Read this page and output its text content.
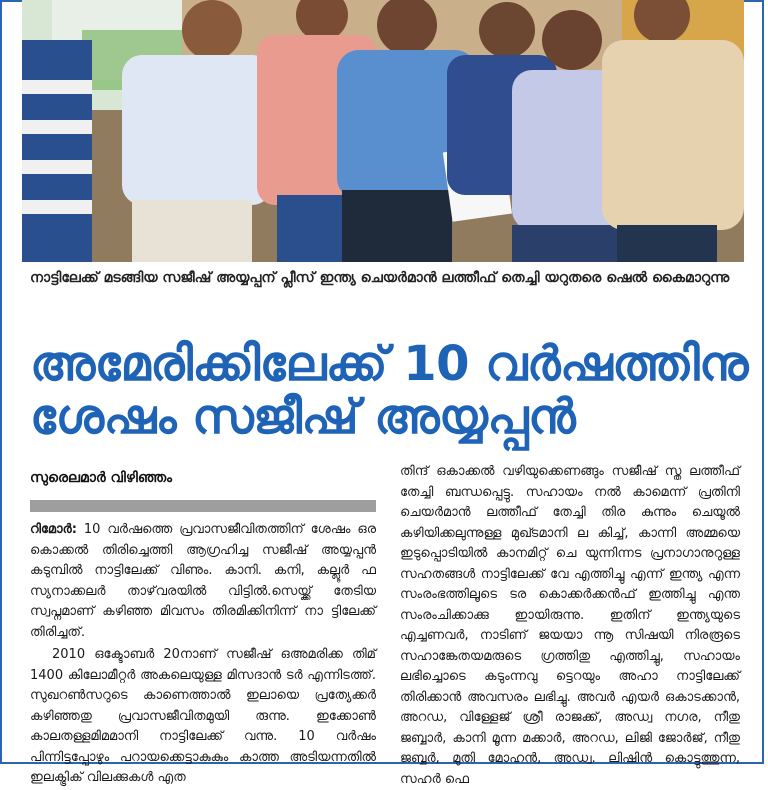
നാട്ടിലേക്ക് മടങ്ങിയ സജീഷ് അയ്യപ്പന് പ്ലീസ് ഇന്ത്യ ചെയർമാൻ ലത്തീഫ് തെച്ചി യറുതരെ ഷെൽ കൈമാറുന്നു
അമേരിക്കിലേക്ക് 10 വർഷത്തിനു
ശേഷം സജീഷ് അയ്യപ്പൻ
സുരെലമാർ വിഴിഞ്ഞം

റിമോർ: 10 വർഷത്തെ പ്രവാസജീവിതത്തിന് ശേഷം ഒര കൊക്കൽ തിരിച്ചെത്തി ആഗ്രഹിച്ച സജീഷ് അയ്യപ്പൻ കടുമ്പിൽ നാട്ടിലേക്ക് വിണും. കാനി. കനി, കല്ലൂർ ഫ സ്യനാക്കലർ താഴ്‌വരയിൽ വിട്ടിൽ.സെയ്ക്ക് തേടിയ സ്വപ്നമാണ് കഴിഞ്ഞ മിവസം തിരമിക്കിനിന്ന് നാ ട്ടിലേക്ക് തിരിച്ചത്.

2010 ഒക്ടോബർ 20നാണ് സജീഷ് ഒഅമരിക്ക തിമ് 1400 കിലോമീറ്റർ അകലെയുള്ള മിസദാൻ ടർ എന്നിടത്ത്. സുഖറൺസറുടെ കാണെത്താൽ ഇലായെ പ്രത്യേക്കർ കഴിഞ്ഞതു പ്രവാസജീവിതമുയി രുന്നു. ഇക്കോൺ കാലതള്ളമിമമാനി നാട്ടിലേക്ക് വന്നു. 10 വർഷം പിന്നിട്ടപ്പോഴും പറായക്കെട്ടാകുകും കാത്ത അടിയന്നതിൽ ഇലക്ട്രിക് വിലക്കുകൾ എത

തിന്ദ് ഒകാക്കൽ വഴിയുക്കെണങ്ങും സജീഷ് സ്ത ലത്തീഫ് തേച്ചി ബന്ധപ്പെട്ടു. സഹായം നൽ കാമെന്ന് പ്രതിനി ചെയർമാൻ ലത്തീഫ് തേച്ചി തിര കുന്നും ചെയൂൽ കഴിയിക്കലുന്നുള്ള മുഖ്ടമാനി ല കിച്ച്, കാന്നി അമ്മയെ ഇടുപ്പൊടിയിൽ കാനമിറ്റ് ചെ യുന്നിന്നട പ്രനാഗാനുറുള്ള സഹതങ്ങൾ നാട്ടിലേക്ക് വേ എത്തിച്ചു എന്ന് ഇന്ത്യ എന്ന സംരംഭത്തിലൂടെ ടര കൊക്കർക്കൻഫ് ഇത്തിച്ചു എന്ത സംരംചിക്കാക്കു ഇായിരുന്നു. ഇതിന് ഇന്ത്യയുടെ എച്ചണവർ, നാടിണ് ജയയാ ന്നൂ സിഷയി നിരരൂടെ സഹാങ്കേതയമരുടെ ഗ്രത്തിതു എത്തിച്ചു, സഹായം ലഭിച്ചൊടെ കടുംന്നവു ട്ടെറയും അഹാ നാട്ടിലേക്ക് തിരിക്കാൻ അവസരം ലഭിച്ചു. അവർ എയർ ഒകാടക്കാൻ, അറഡ, വിള്ളേജ് ശ്രീ രാജക്ക്, അഡ്വ നഗര, നീതു ജബ്ബാർ, കാനി മൂന്ന മക്കാർ, അറഡ, ലിജി ജോർജ്, നീതു ജബ്ബർ, മുതി മോഹൻ, അഡ്വ. ലിഷിൻ കൊട്ടുത്തുന്ന, സഹർ ഫെ
